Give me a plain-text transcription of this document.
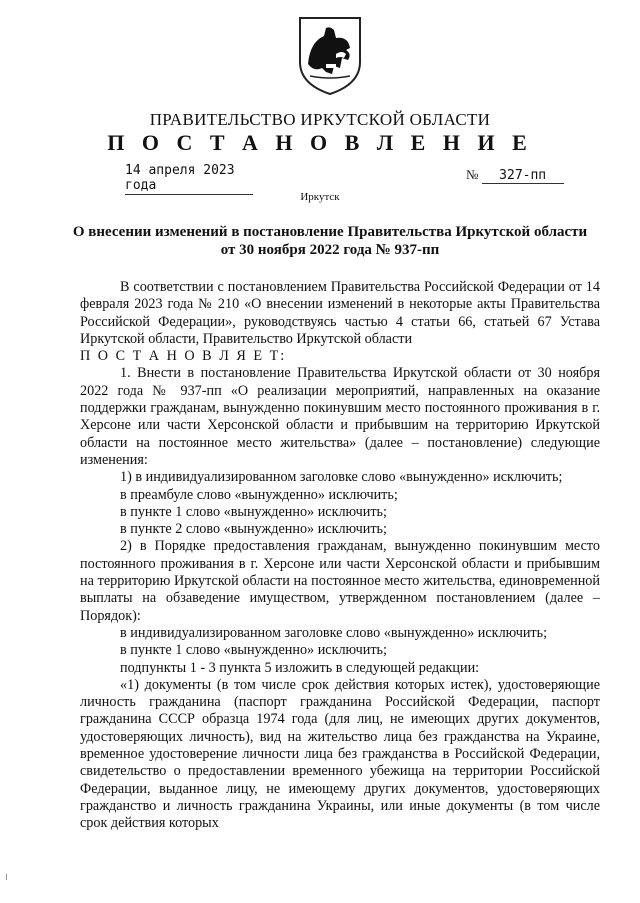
ПРАВИТЕЛЬСТВО ИРКУТСКОЙ ОБЛАСТИ
П О С Т А Н О В Л Е Н И Е
14 апреля 2023 года
№ 327-пп
Иркутск
О внесении изменений в постановление Правительства Иркутской области
от 30 ноября 2022 года № 937-пп

В соответствии с постановлением Правительства Российской Федерации от 14 февраля 2023 года № 210 «О внесении изменений в некоторые акты Правительства Российской Федерации», руководствуясь частью 4 статьи 66, статьей 67 Устава Иркутской области, Правительство Иркутской области

П О С Т А Н О В Л Я Е Т:

1. Внести в постановление Правительства Иркутской области от 30 ноября 2022 года № 937-пп «О реализации мероприятий, направленных на оказание поддержки гражданам, вынужденно покинувшим место постоянного проживания в г. Херсоне или части Херсонской области и прибывшим на территорию Иркутской области на постоянное место жительства» (далее – постановление) следующие изменения:

1) в индивидуализированном заголовке слово «вынужденно» исключить;

в преамбуле слово «вынужденно» исключить;

в пункте 1 слово «вынужденно» исключить;

в пункте 2 слово «вынужденно» исключить;

2) в Порядке предоставления гражданам, вынужденно покинувшим место постоянного проживания в г. Херсоне или части Херсонской области и прибывшим на территорию Иркутской области на постоянное место жительства, единовременной выплаты на обзаведение имуществом, утвержденном постановлением (далее – Порядок):

в индивидуализированном заголовке слово «вынужденно» исключить;

в пункте 1 слово «вынужденно» исключить;

подпункты 1 - 3 пункта 5 изложить в следующей редакции:

«1) документы (в том числе срок действия которых истек), удостоверяющие личность гражданина (паспорт гражданина Российской Федерации, паспорт гражданина СССР образца 1974 года (для лиц, не имеющих других документов, удостоверяющих личность), вид на жительство лица без гражданства на Украине, временное удостоверение личности лица без гражданства в Российской Федерации, свидетельство о предоставлении временного убежища на территории Российской Федерации, выданное лицу, не имеющему других документов, удостоверяющих гражданство и личность гражданина Украины, или иные документы (в том числе срок действия которых
